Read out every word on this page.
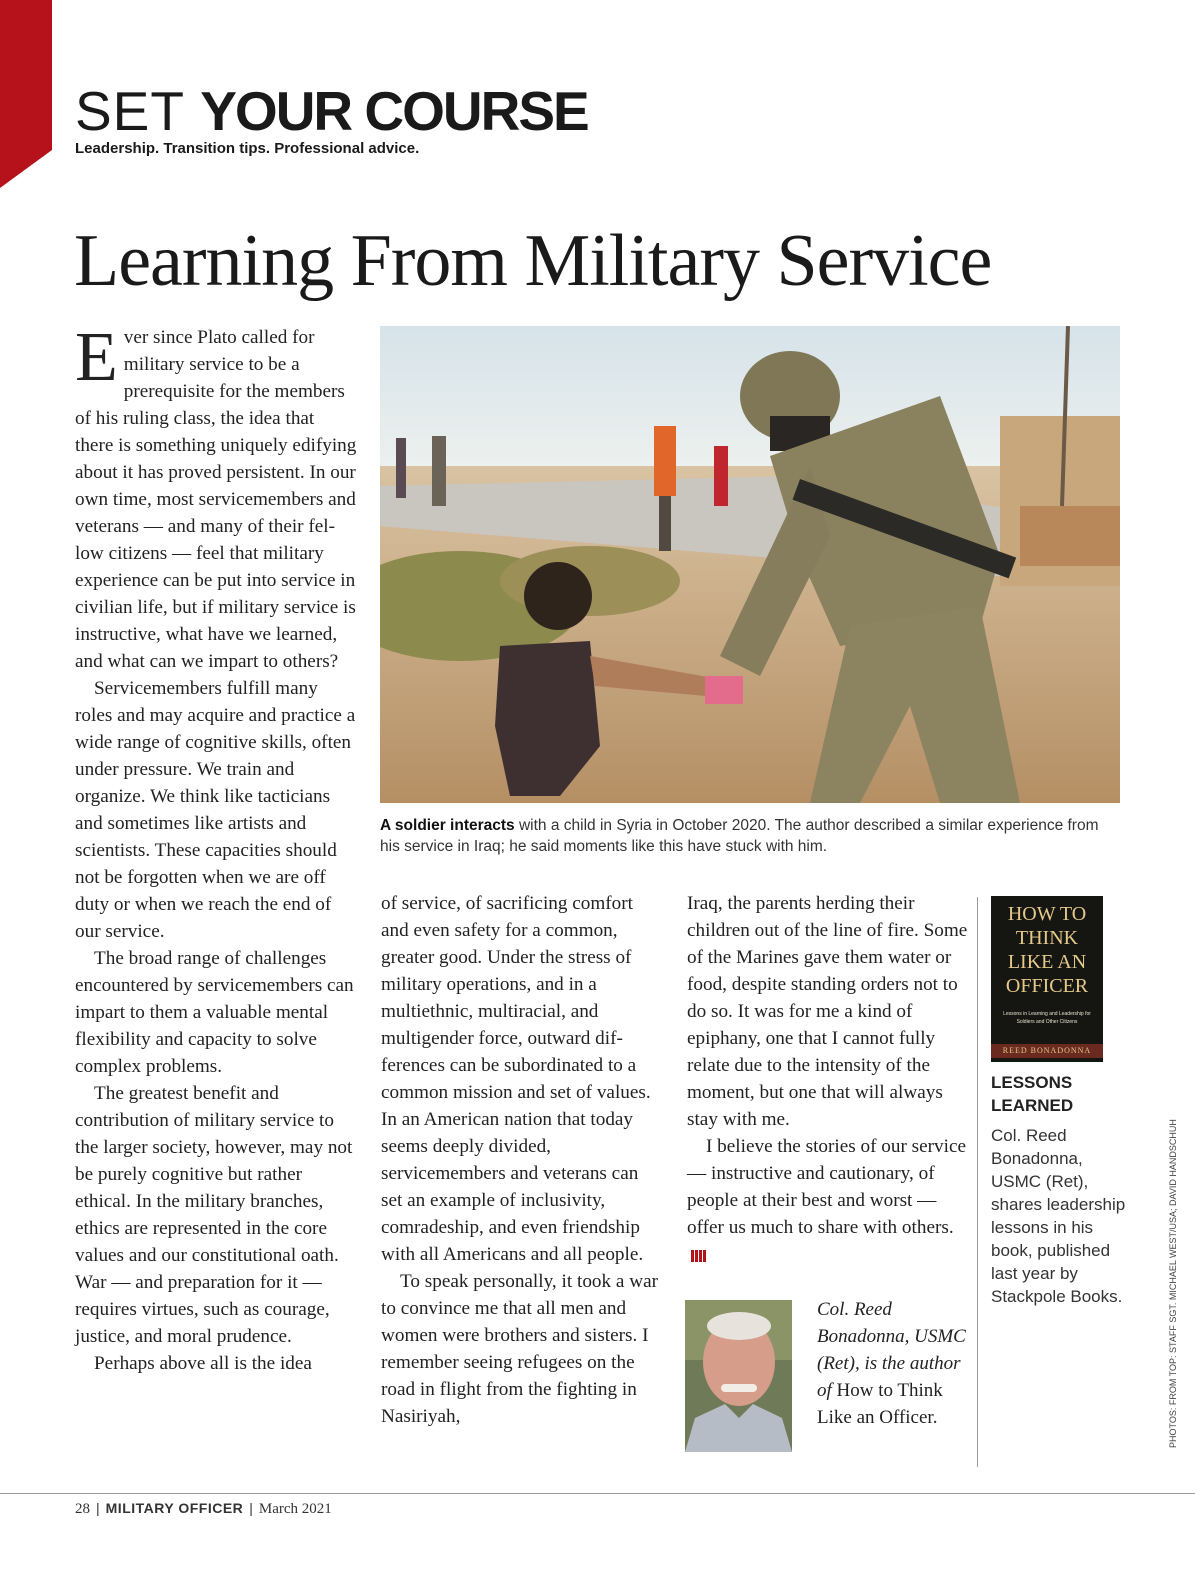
SET YOUR COURSE
Leadership. Transition tips. Professional advice.
Learning From Military Service

Ever since Plato called for military service to be a prerequisite for the members of his ruling class, the idea that there is something uniquely edifying about it has proved persistent. In our own time, most servicemembers and veterans — and many of their fellow citizens — feel that military experience can be put into service in civilian life, but if military service is instructive, what have we learned, and what can we impart to others?

Servicemembers fulfill many roles and may acquire and practice a wide range of cognitive skills, often under pressure. We train and organize. We think like tacticians and sometimes like artists and scientists. These capacities should not be forgotten when we are off duty or when we reach the end of our service.

The broad range of challenges encountered by servicemembers can impart to them a valuable mental flexibility and capacity to solve complex problems.

The greatest benefit and contribution of military service to the larger society, however, may not be purely cognitive but rather ethical. In the military branches, ethics are represented in the core values and our constitutional oath. War — and preparation for it — requires virtues, such as courage, justice, and moral prudence.

Perhaps above all is the idea

A soldier interacts with a child in Syria in October 2020. The author described a similar experience from his service in Iraq; he said moments like this have stuck with him.

of service, of sacrificing comfort and even safety for a common, greater good. Under the stress of military operations, and in a multiethnic, multiracial, and multigender force, outward differences can be subordinated to a common mission and set of values. In an American nation that today seems deeply divided, servicemembers and veterans can set an example of inclusivity, comradeship, and even friendship with all Americans and all people.

To speak personally, it took a war to convince me that all men and women were brothers and sisters. I remember seeing refugees on the road in flight from the fighting in Nasiriyah,

Iraq, the parents herding their children out of the line of fire. Some of the Marines gave them water or food, despite standing orders not to do so. It was for me a kind of epiphany, one that I cannot fully relate due to the intensity of the moment, but one that will always stay with me.

I believe the stories of our service — instructive and cautionary, of people at their best and worst — offer us much to share with others.

Col. Reed Bonadonna, USMC (Ret), is the author of How to Think Like an Officer.
HOW TO THINK LIKE AN OFFICER
Lessons in Learning and Leadership for Soldiers and Other Citizens
REED BONADONNA
LESSONS LEARNED
Col. Reed Bonadonna, USMC (Ret), shares leadership lessons in his book, published last year by Stackpole Books.	PHOTOS: FROM TOP: STAFF SGT. MICHAEL WEST/USA; DAVID HANDSCHUH
28 | MILITARY OFFICER | March 2021
